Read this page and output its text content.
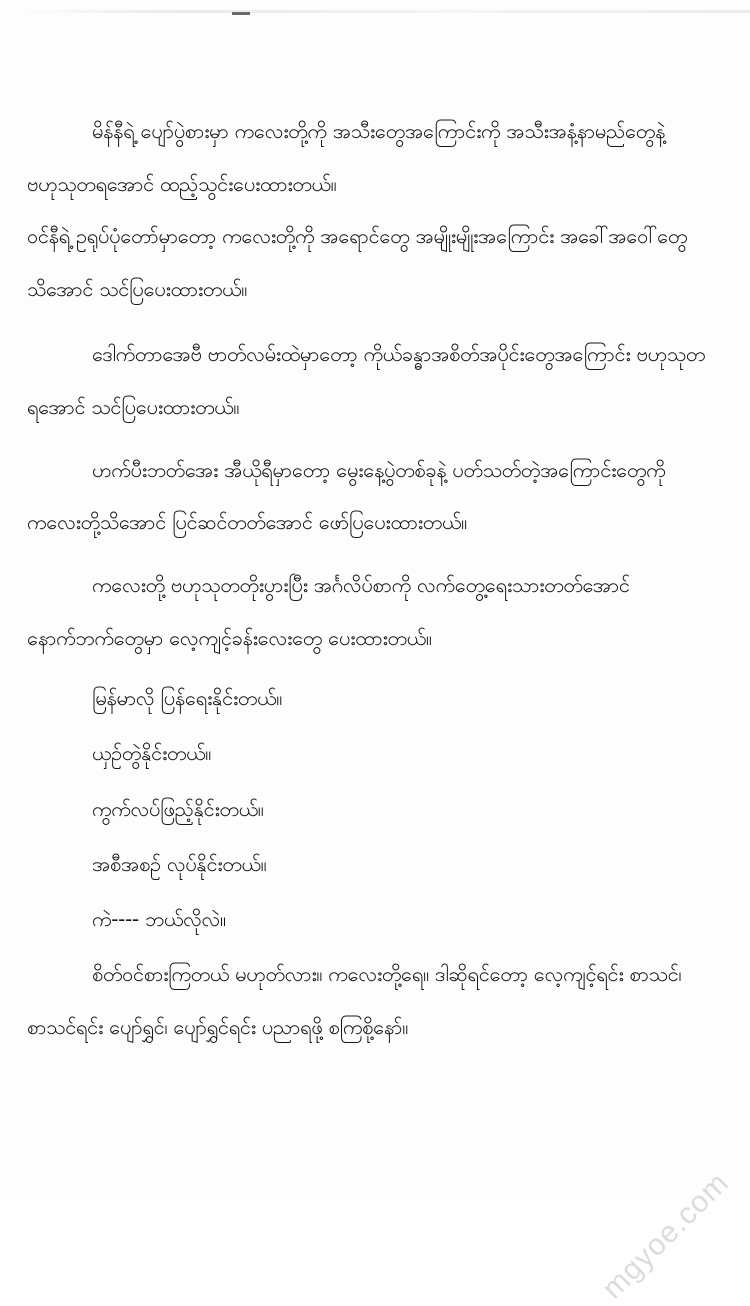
မိန်နီရဲ့ ပျော်ပွဲစားမှာ ကလေးတို့ကို အသီးတွေအကြောင်းကို အသီးအနံ့နာမည်တွေနဲ့
ဗဟုသုတရအောင် ထည့်သွင်းပေးထားတယ်။
ဝင်နီရဲ့ ဥရုပ်ပုံတော်မှာတော့ ကလေးတို့ကို အရောင်တွေ အမျိုးမျိုးအကြောင်း အခေါ်အဝေါ်တွေ
သိအောင် သင်ပြပေးထားတယ်။
ဒေါက်တာအေဗီ ဗာတ်လမ်းထဲမှာတော့ ကိုယ်ခန္ဓာအစိတ်အပိုင်းတွေအကြောင်း ဗဟုသုတ
ရအောင် သင်ပြပေးထားတယ်။
ဟက်ပီးဘတ်အေး အီယိုရီမှာတော့ မွေးနေ့ပွဲတစ်ခုနဲ့ ပတ်သတ်တဲ့အကြောင်းတွေကို
ကလေးတို့သိအောင် ပြင်ဆင်တတ်အောင် ဖော်ပြပေးထားတယ်။
ကလေးတို့ ဗဟုသုတတိုးပွားပြီး အင်္ဂလိပ်စာကို လက်တွေ့ရေးသားတတ်အောင်
နောက်ဘက်တွေမှာ လေ့ကျင့်ခန်းလေးတွေ ပေးထားတယ်။
မြန်မာလို ပြန်ရေးနိုင်းတယ်။
ယှဉ်တွဲနိုင်းတယ်။
ကွက်လပ်ဖြည့်နိုင်းတယ်။
အစီအစဉ် လုပ်နိုင်းတယ်။
ကဲ---- ဘယ်လိုလဲ။
စိတ်ဝင်စားကြတယ် မဟုတ်လား။ ကလေးတို့ရေ။ ဒါဆိုရင်တော့ လေ့ကျင့်ရင်း စာသင်၊
စာသင်ရင်း ပျော်ရွှင်၊ ပျော်ရွှင်ရင်း ပညာရဖို့ စကြစို့နော်။
mgyoe.com
